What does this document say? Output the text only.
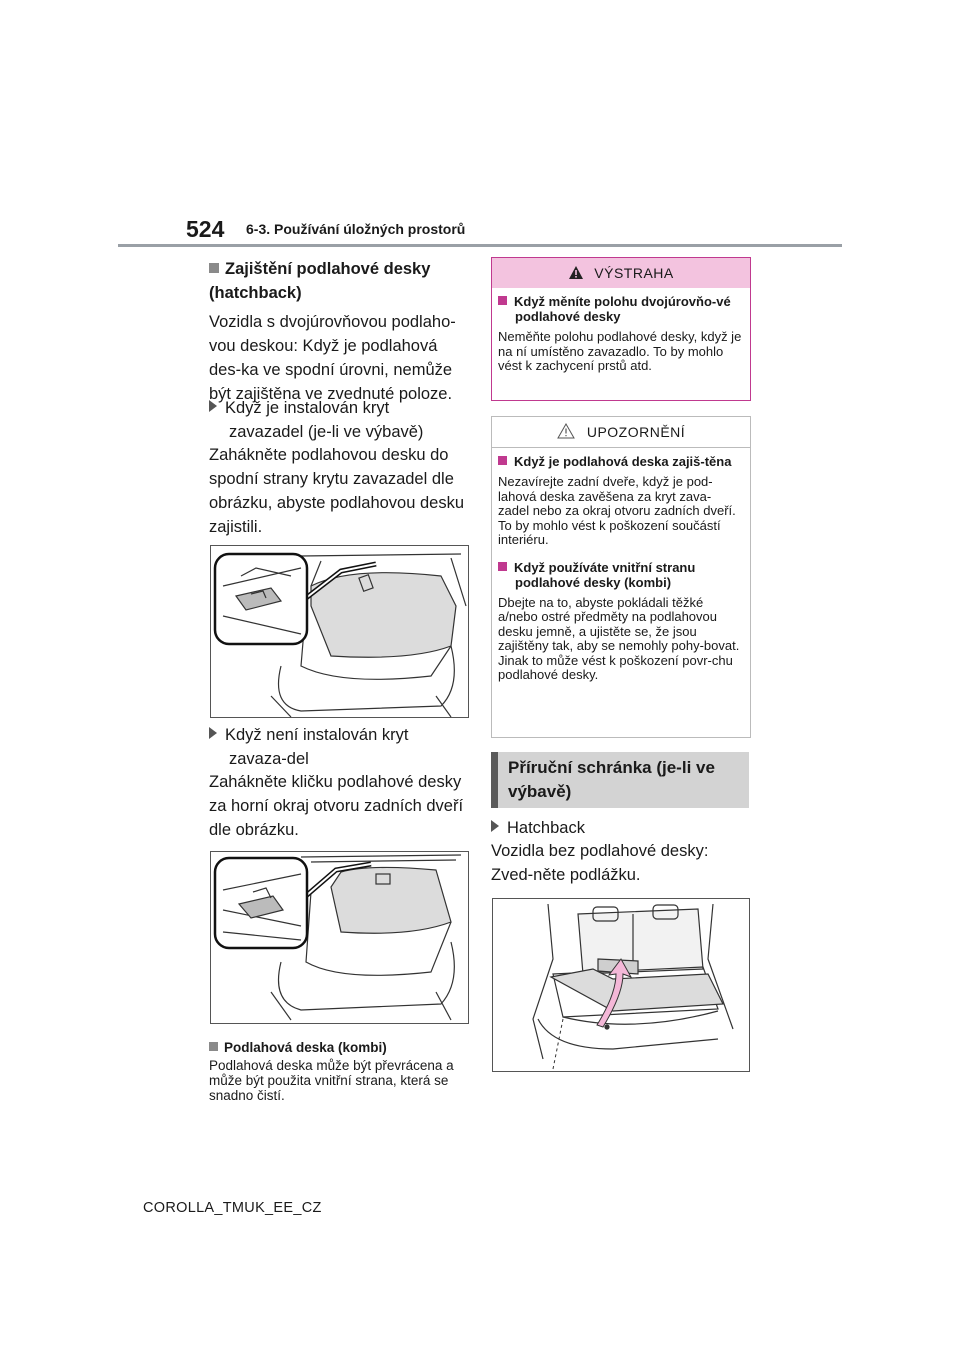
524 6-3. Používání úložných prostorů
Zajištění podlahové desky (hatchback)
Vozidla s dvojúrovňovou podlaho-vou deskou: Když je podlahová des-ka ve spodní úrovni, nemůže být zajištěna ve zvednuté poloze.
Když je instalován kryt zavazadel (je-li ve výbavě)
Zahákněte podlahovou desku do spodní strany krytu zavazadel dle obrázku, abyste podlahovou desku zajistili.
Když není instalován kryt zavaza-del
Zahákněte kličku podlahové desky za horní okraj otvoru zadních dveří dle obrázku.
Podlahová deska (kombi)
Podlahová deska může být převrácena a může být použita vnitřní strana, která se snadno čistí.
VÝSTRAHA
Když měníte polohu dvojúrovňo-vé podlahové desky
Neměňte polohu podlahové desky, když je na ní umístěno zavazadlo. To by mohlo vést k zachycení prstů atd.
UPOZORNĚNÍ
Když je podlahová deska zajiš-těna
Nezavírejte zadní dveře, když je pod-lahová deska zavěšena za kryt zava-zadel nebo za okraj otvoru zadních dveří. To by mohlo vést k poškození součástí interiéru.
Když používáte vnitřní stranu podlahové desky (kombi)
Dbejte na to, abyste pokládali těžké a/nebo ostré předměty na podlahovou desku jemně, a ujistěte se, že jsou zajištěny tak, aby se nemohly pohy-bovat. Jinak to může vést k poškození povr-chu podlahové desky.
Příruční schránka (je-li ve výbavě)
Hatchback
Vozidla bez podlahové desky: Zved-něte podlážku.
COROLLA_TMUK_EE_CZ
